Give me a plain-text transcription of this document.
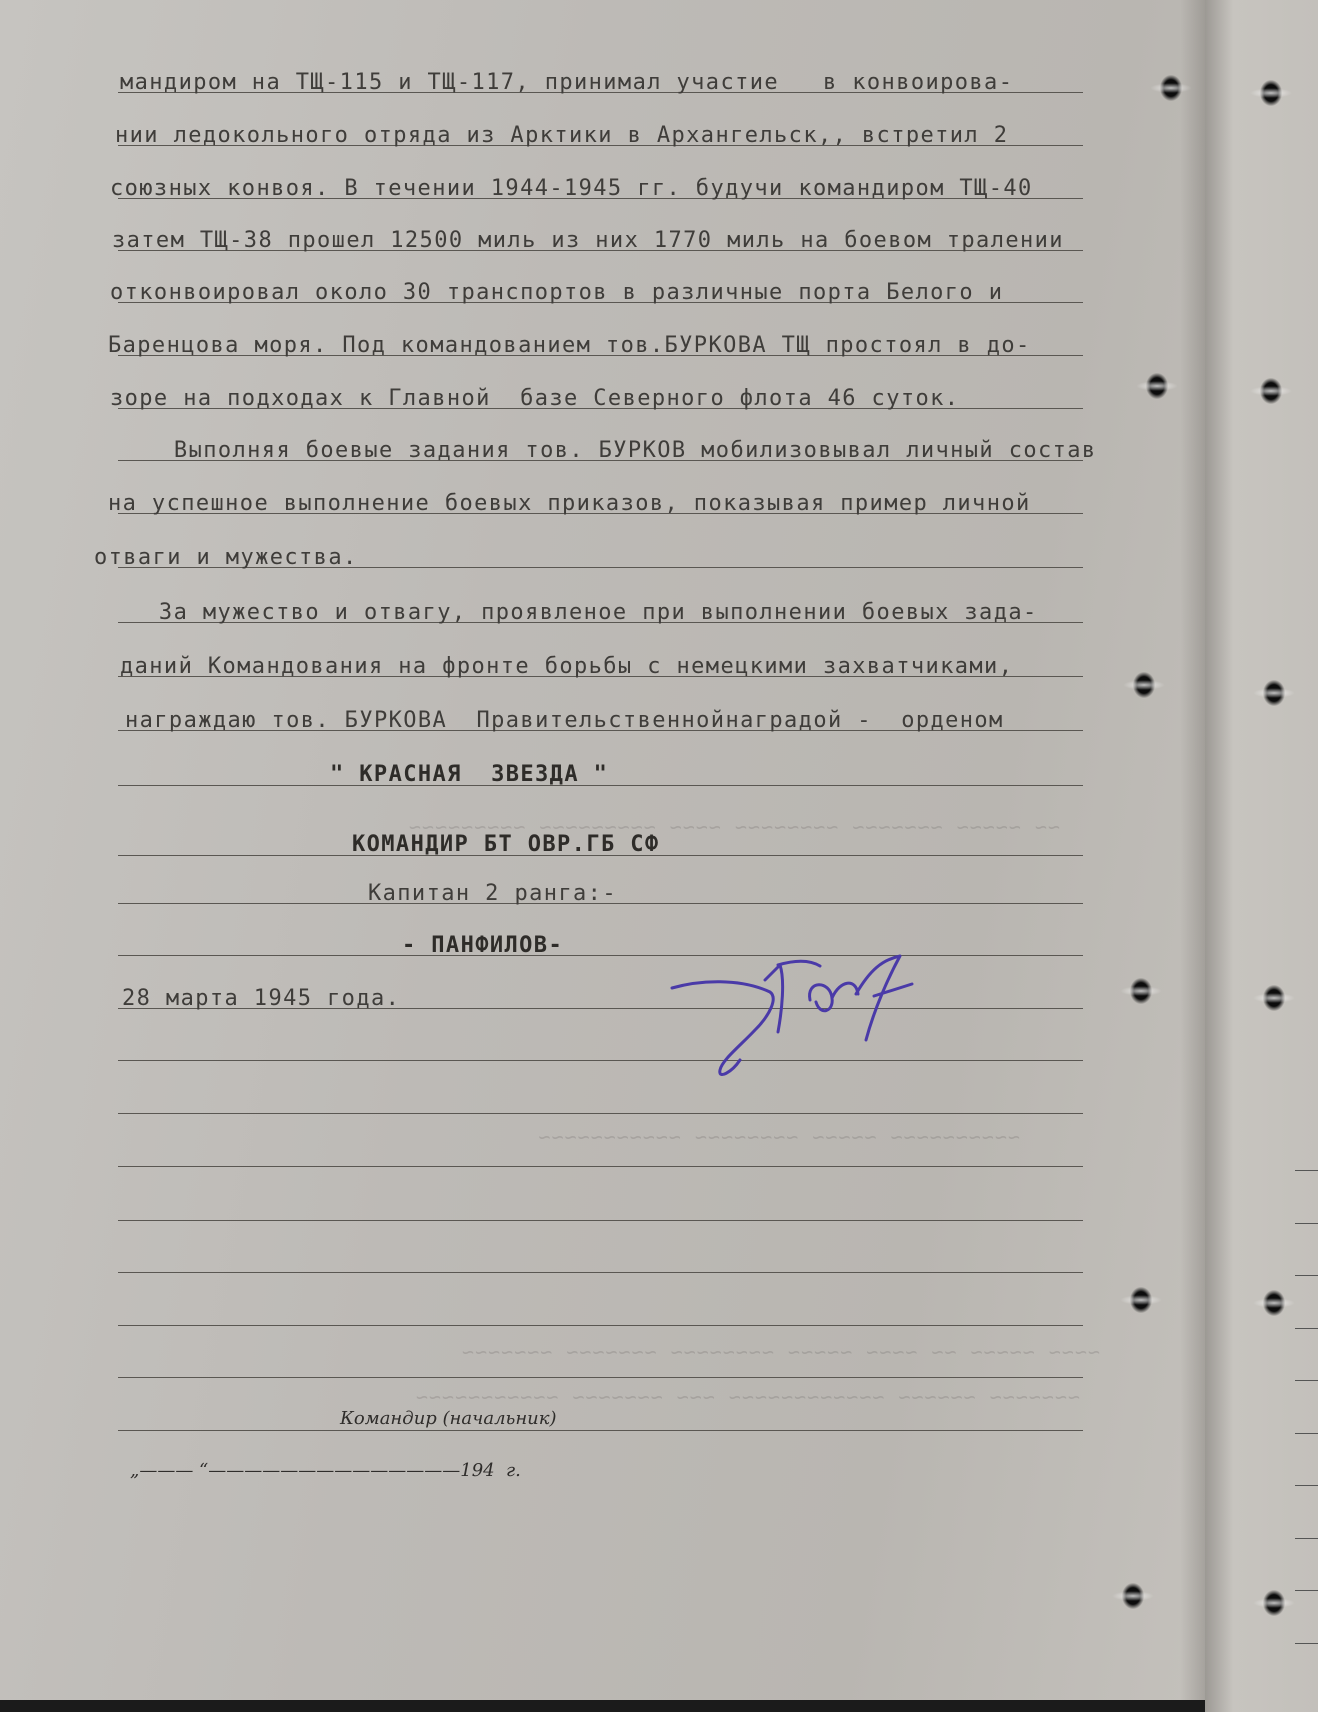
~~ ~~~~~ ~~~~~~~ ~~~~~~~~ ~~~~ ~~~~~~~~~ ~~~~~~~~~
~~~~~~~~~~ ~~~~~ ~~~~~~~~ ~~~~~~~~~~~
~~~~ ~~~~~ ~~ ~~~~ ~~~~~ ~~~~~~~~ ~~~~~~~ ~~~~~~~
~~~~~~~ ~~~~~~ ~~~~~~~~~~~~ ~~~ ~~~~~~~ ~~~~~~~~~~~
мандиром на ТЩ-115 и ТЩ-117, принимал участие   в конвоирова-
нии ледокольного отряда из Арктики в Архангельск,, встретил 2
союзных конвоя. В течении 1944-1945 гг. будучи командиром ТЩ-40
затем ТЩ-38 прошел 12500 миль из них 1770 миль на боевом тралении
отконвоировал около 30 транспортов в различные порта Белого и
Баренцова моря. Под командованием тов.БУРКОВА ТЩ простоял в до-
зоре на подходах к Главной  базе Северного флота 46 суток.
Выполняя боевые задания тов. БУРКОВ мобилизовывал личный состав
на успешное выполнение боевых приказов, показывая пример личной
отваги и мужества.
За мужество и отвагу, проявленое при выполнении боевых зада-
даний Командования на фронте борьбы с немецкими захватчиками,
награждаю тов. БУРКОВА  Правительственнойнаградой -  орденом
" КРАСНАЯ  ЗВЕЗДА "
КОМАНДИР БТ ОВР.ГБ СФ
Капитан 2 ранга:-
- ПАНФИЛОВ-
28 марта 1945 года.
Командир (начальник)
„——— “——————————————194  г.
